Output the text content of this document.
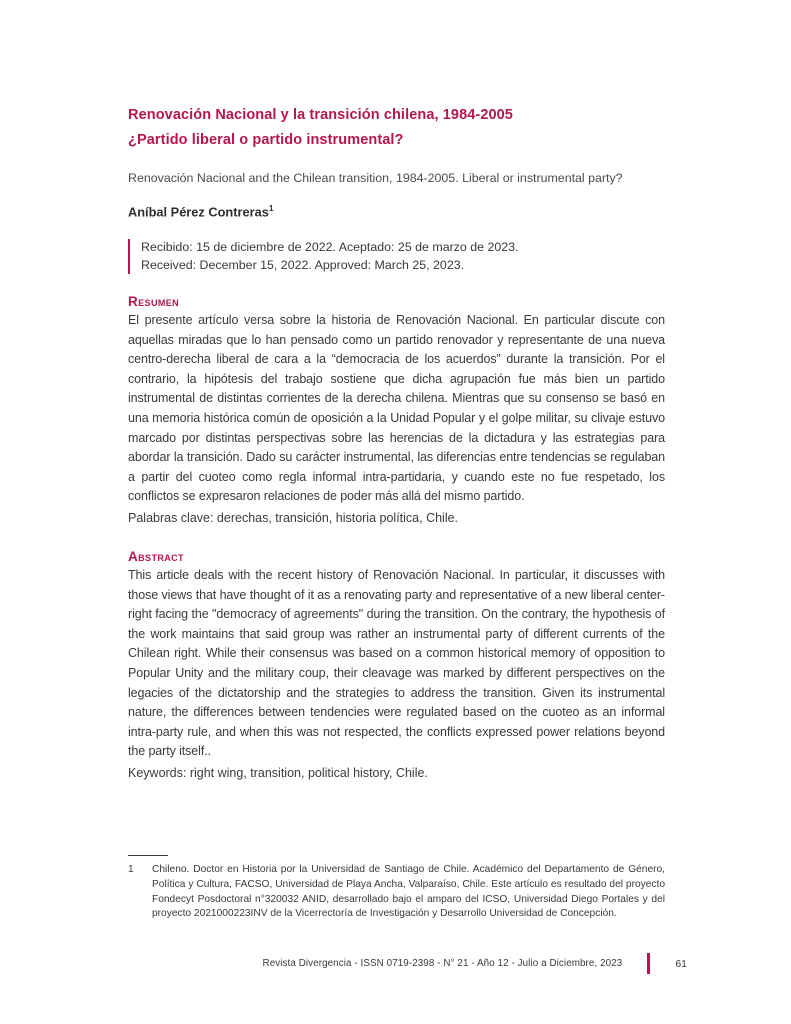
Renovación Nacional y la transición chilena, 1984-2005
¿Partido liberal o partido instrumental?
Renovación Nacional and the Chilean transition, 1984-2005. Liberal or instrumental party?
Aníbal Pérez Contreras$^1$
Recibido: 15 de diciembre de 2022. Aceptado: 25 de marzo de 2023.
Received: December 15, 2022. Approved: March 25, 2023.
Resumen
El presente artículo versa sobre la historia de Renovación Nacional. En particular discute con aquellas miradas que lo han pensado como un partido renovador y representante de una nueva centro-derecha liberal de cara a la “democracia de los acuerdos” durante la transición. Por el contrario, la hipótesis del trabajo sostiene que dicha agrupación fue más bien un partido instrumental de distintas corrientes de la derecha chilena. Mientras que su consenso se basó en una memoria histórica común de oposición a la Unidad Popular y el golpe militar, su clivaje estuvo marcado por distintas perspectivas sobre las herencias de la dictadura y las estrategias para abordar la transición. Dado su carácter instrumental, las diferencias entre tendencias se regulaban a partir del cuoteo como regla informal intra-partidaria, y cuando este no fue respetado, los conflictos se expresaron relaciones de poder más allá del mismo partido.
Palabras clave: derechas, transición, historia política, Chile.
Abstract
This article deals with the recent history of Renovación Nacional. In particular, it discusses with those views that have thought of it as a renovating party and representative of a new liberal center-right facing the "democracy of agreements" during the transition. On the contrary, the hypothesis of the work maintains that said group was rather an instrumental party of different currents of the Chilean right. While their consensus was based on a common historical memory of opposition to Popular Unity and the military coup, their cleavage was marked by different perspectives on the legacies of the dictatorship and the strategies to address the transition. Given its instrumental nature, the differences between tendencies were regulated based on the cuoteo as an informal intra-party rule, and when this was not respected, the conflicts expressed power relations beyond the party itself..
Keywords: right wing, transition, political history, Chile.
1	Chileno. Doctor en Historia por la Universidad de Santiago de Chile. Académico del Departamento de Género, Política y Cultura, FACSO, Universidad de Playa Ancha, Valparaíso, Chile. Este artículo es resultado del proyecto Fondecyt Posdoctoral n°320032 ANID, desarrollado bajo el amparo del ICSO, Universidad Diego Portales y del proyecto 2021000223INV de la Vicerrectoría de Investigación y Desarrollo Universidad de Concepción.
Revista Divergencia - ISSN 0719-2398 - N° 21 - Año 12 - Julio a Diciembre, 2023	61
